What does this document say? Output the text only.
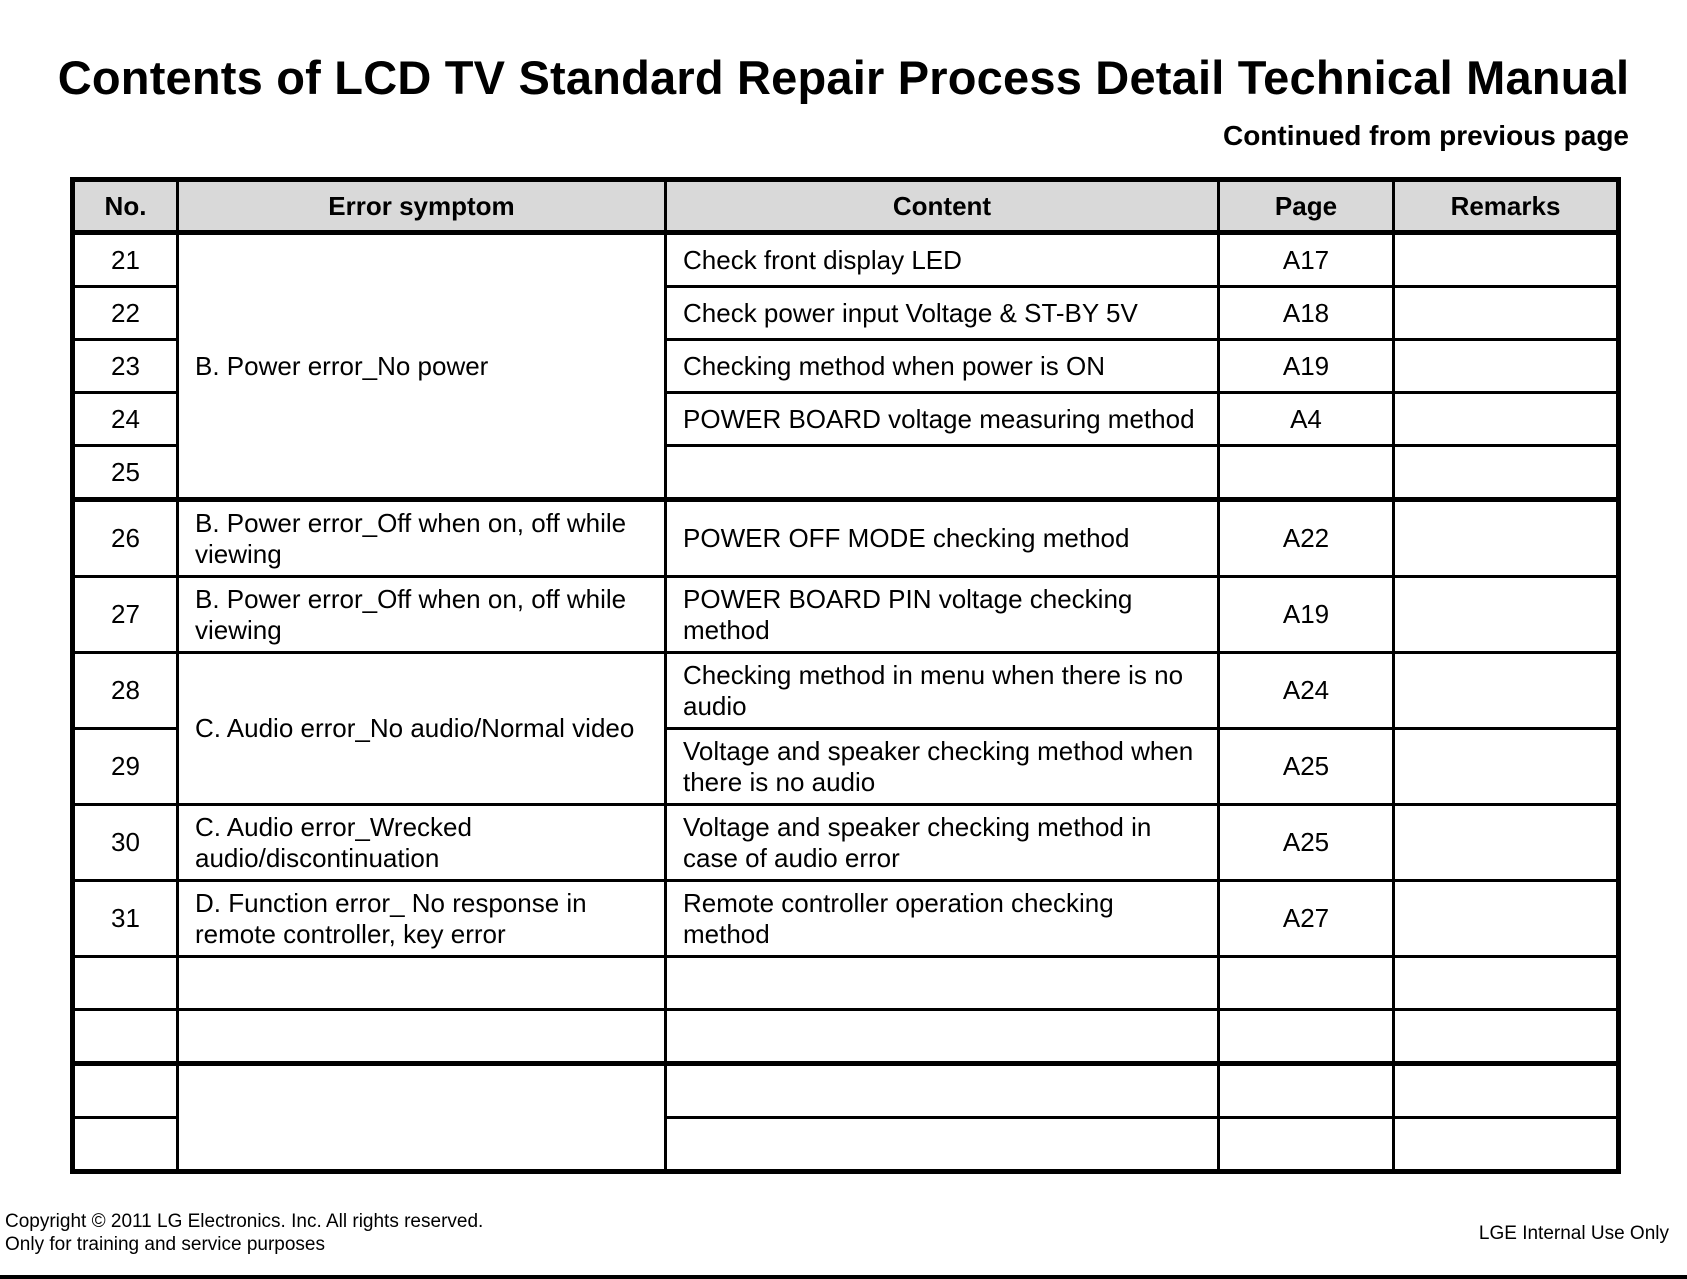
Contents of LCD TV Standard Repair Process Detail Technical Manual
Continued from previous page
No.	Error symptom	Content	Page	Remarks
21	B. Power error_No power	Check front display LED	A17	
22		Check power input Voltage & ST-BY 5V	A18	
23		Checking method when power is ON	A19	
24		POWER BOARD voltage measuring method	A4	
25				
26	B. Power error_Off when on, off while viewing	POWER OFF MODE checking method	A22	
27	B. Power error_Off when on, off while viewing	POWER BOARD PIN voltage checking method	A19	
28	C. Audio error_No audio/Normal video	Checking method in menu when there is no audio	A24	
29		Voltage and speaker checking method when there is no audio	A25	
30	C. Audio error_Wrecked audio/discontinuation	Voltage and speaker checking method in case of audio error	A25	
31	D. Function error_ No response in remote controller, key error	Remote controller operation checking method	A27	

Copyright © 2011 LG Electronics. Inc. All rights reserved.
Only for training and service purposes
LGE Internal Use Only
